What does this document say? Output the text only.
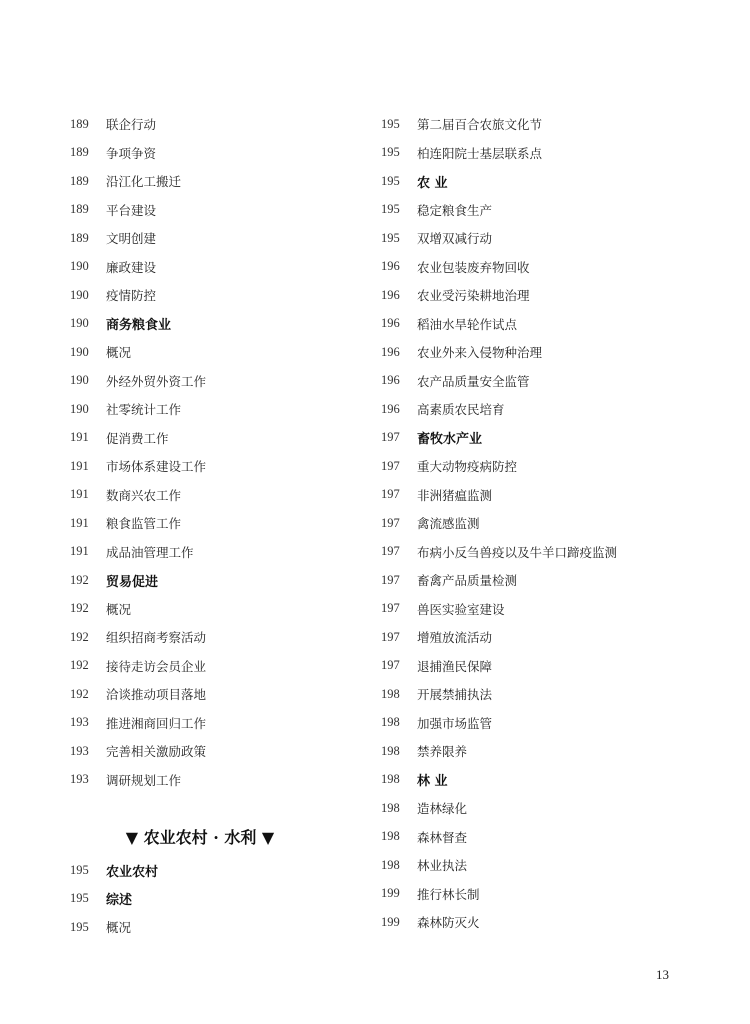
189	联企行动
189	争项争资
189	沿江化工搬迁
189	平台建设
189	文明创建
190	廉政建设
190	疫情防控
190	商务粮食业
190	概况
190	外经外贸外资工作
190	社零统计工作
191	促消费工作
191	市场体系建设工作
191	数商兴农工作
191	粮食监管工作
191	成品油管理工作
192	贸易促进
192	概况
192	组织招商考察活动
192	接待走访会员企业
192	洽谈推动项目落地
193	推进湘商回归工作
193	完善相关激励政策
193	调研规划工作
▼ 农业农村 · 水利 ▼
195	农业农村
195	综述
195	概况
195	第二届百合农旅文化节
195	柏连阳院士基层联系点
195	农 业
195	稳定粮食生产
195	双增双减行动
196	农业包装废弃物回收
196	农业受污染耕地治理
196	稻油水旱轮作试点
196	农业外来入侵物种治理
196	农产品质量安全监管
196	高素质农民培育
197	畜牧水产业
197	重大动物疫病防控
197	非洲猪瘟监测
197	禽流感监测
197	布病小反刍兽疫以及牛羊口蹄疫监测
197	畜禽产品质量检测
197	兽医实验室建设
197	增殖放流活动
197	退捕渔民保障
198	开展禁捕执法
198	加强市场监管
198	禁养限养
198	林 业
198	造林绿化
198	森林督查
198	林业执法
199	推行林长制
199	森林防灭火
13
